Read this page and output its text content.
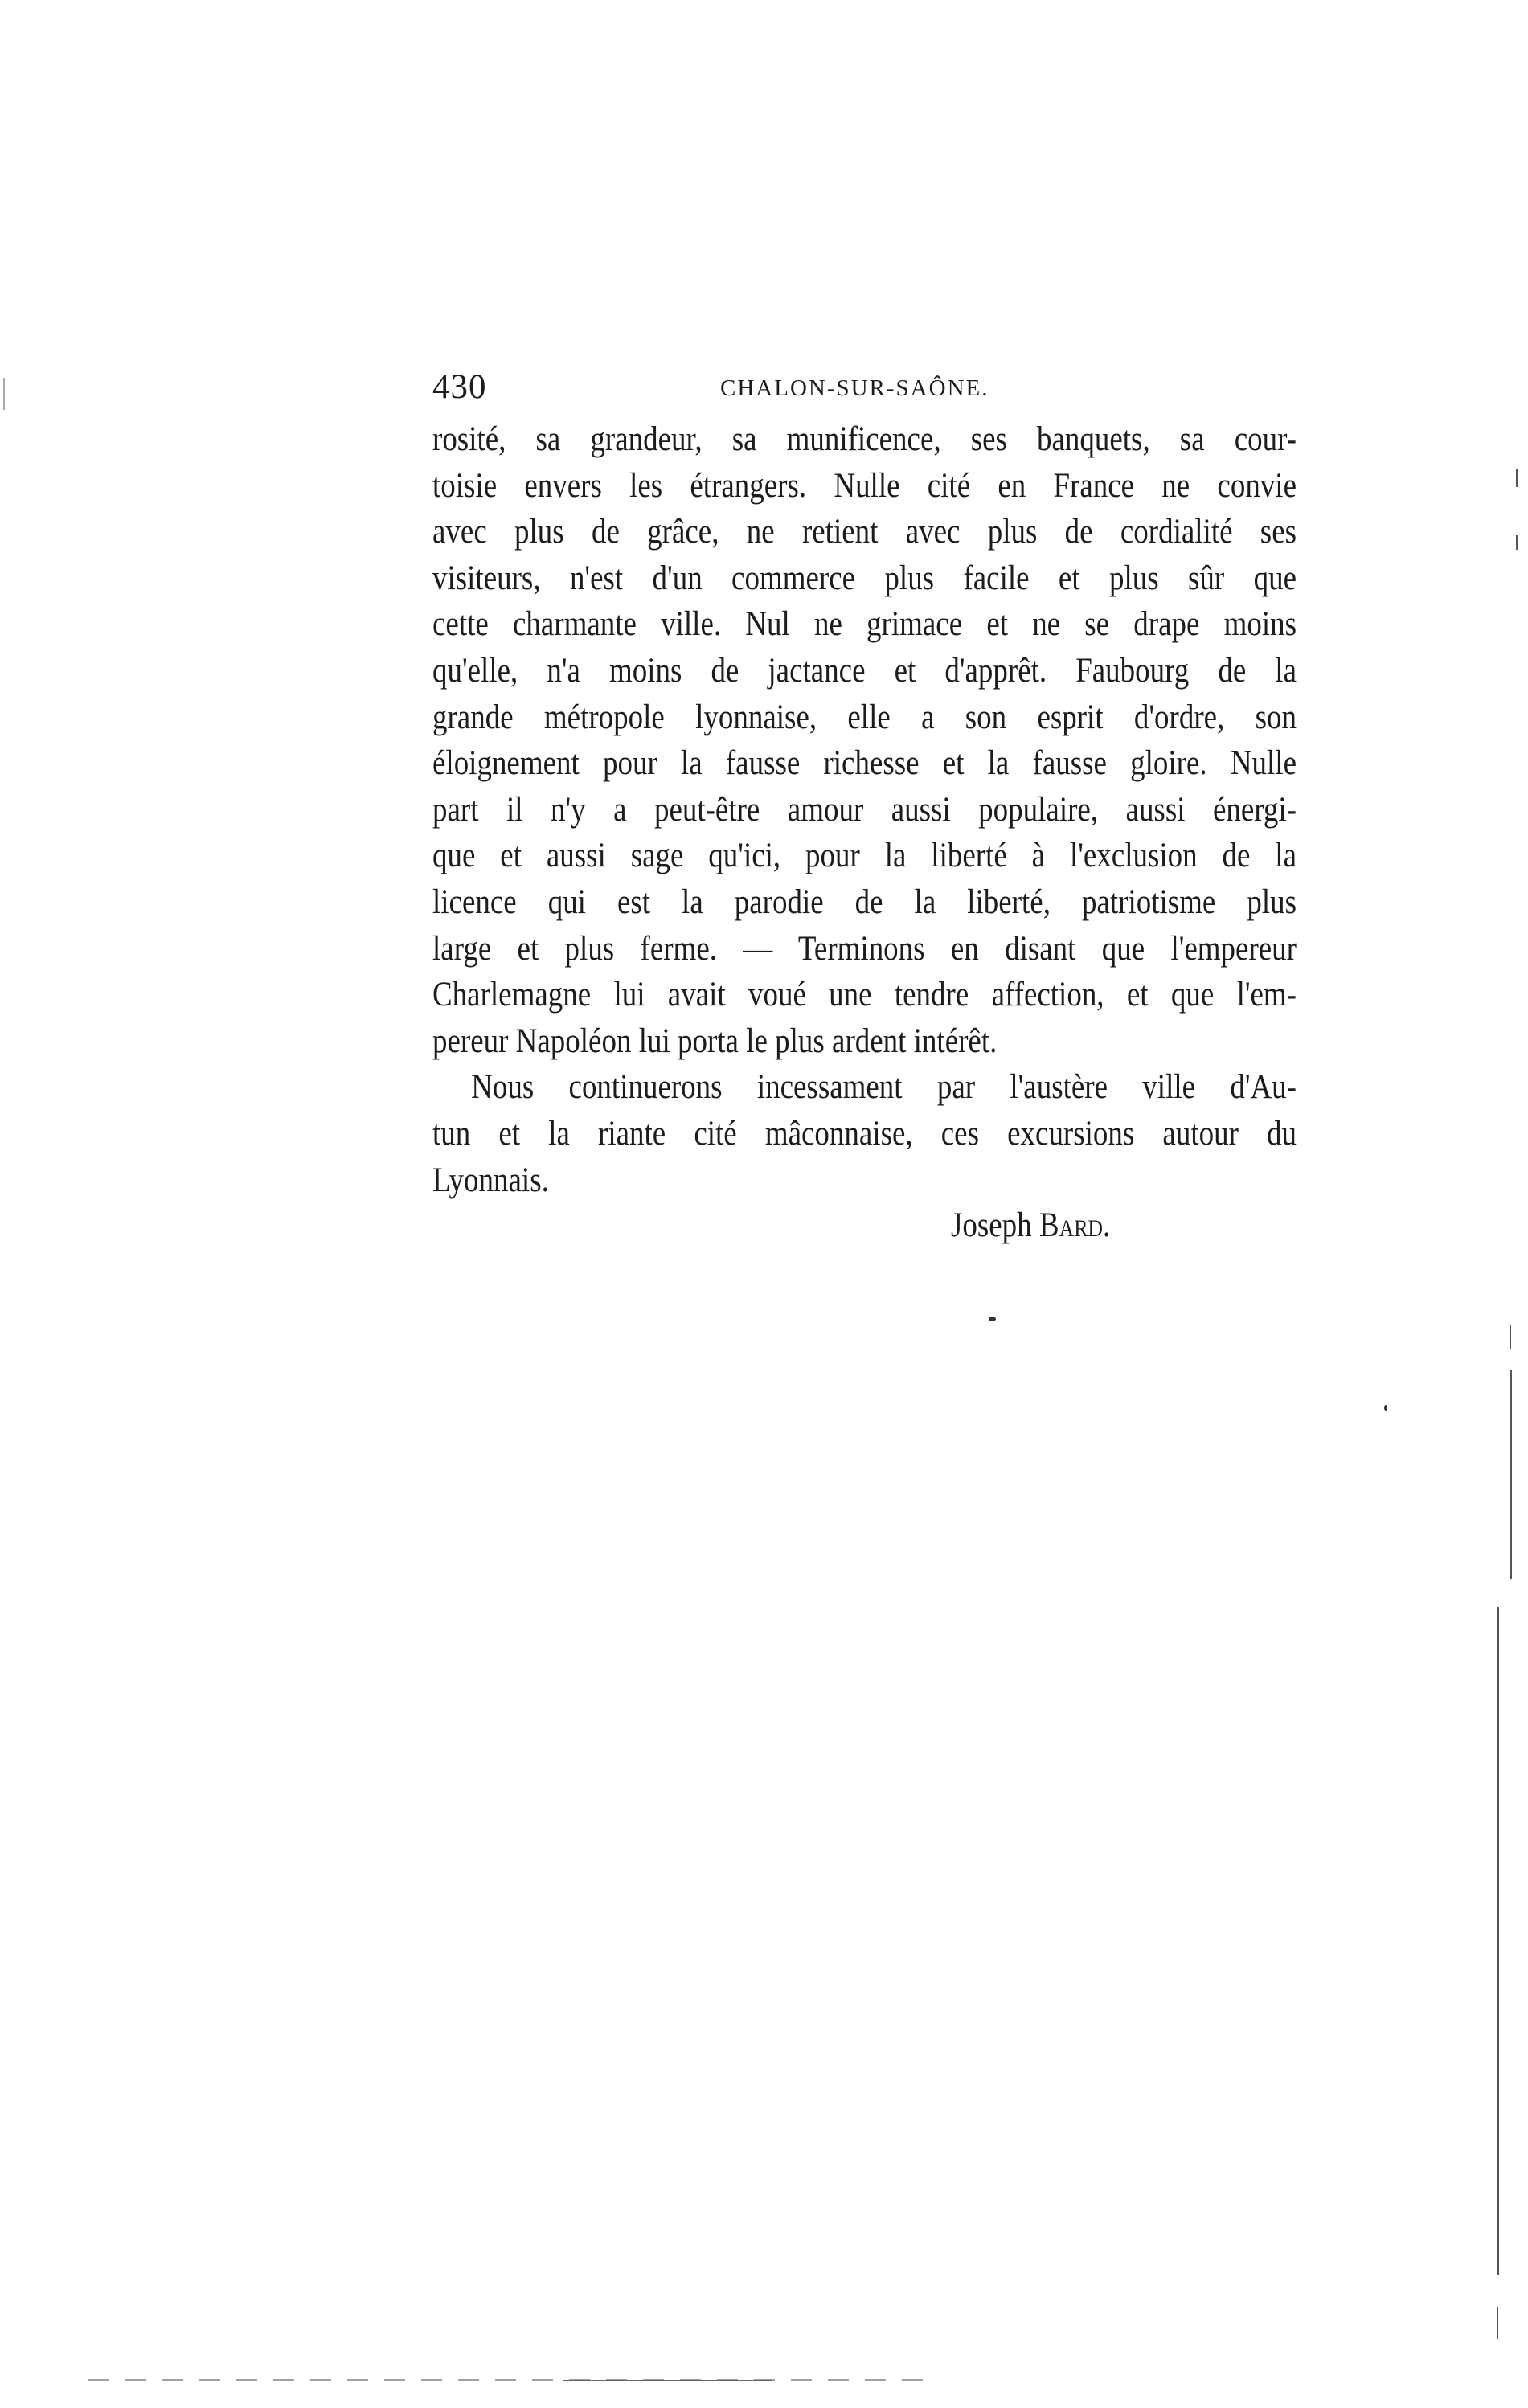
430	CHALON-SUR-SAÔNE.
rosité, sa grandeur, sa munificence, ses banquets, sa cour-
toisie envers les étrangers. Nulle cité en France ne convie
avec plus de grâce, ne retient avec plus de cordialité ses
visiteurs, n'est d'un commerce plus facile et plus sûr que
cette charmante ville. Nul ne grimace et ne se drape moins
qu'elle, n'a moins de jactance et d'apprêt. Faubourg de la
grande métropole lyonnaise, elle a son esprit d'ordre, son
éloignement pour la fausse richesse et la fausse gloire. Nulle
part il n'y a peut-être amour aussi populaire, aussi énergi-
que et aussi sage qu'ici, pour la liberté à l'exclusion de la
licence qui est la parodie de la liberté, patriotisme plus
large et plus ferme. — Terminons en disant que l'empereur
Charlemagne lui avait voué une tendre affection, et que l'em-
pereur Napoléon lui porta le plus ardent intérêt.
Nous continuerons incessament par l'austère ville d'Au-
tun et la riante cité mâconnaise, ces excursions autour du
Lyonnais.
Joseph Bard.
